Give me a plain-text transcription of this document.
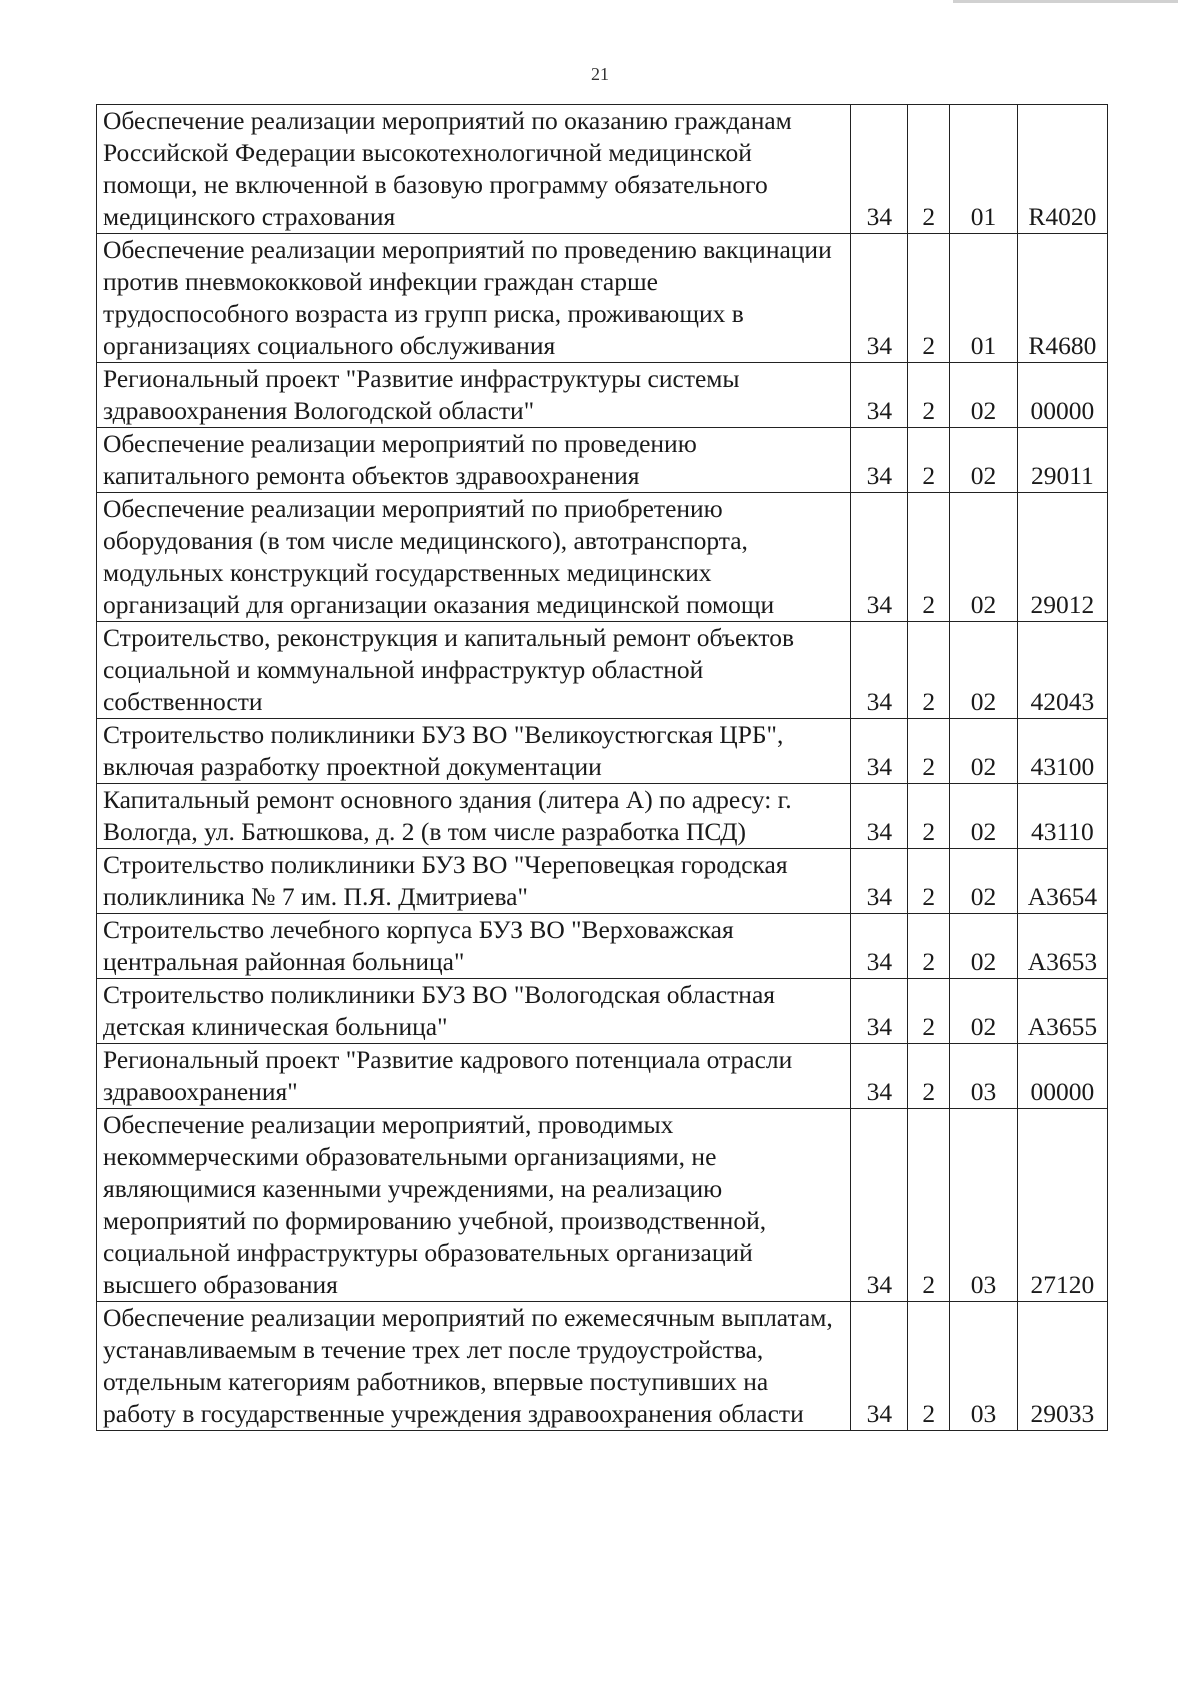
21
Обеспечение реализации мероприятий по оказанию гражданам Российской Федерации высокотехнологичной медицинской помощи, не включенной в базовую программу обязательного медицинского страхования	34	2	01	R4020
Обеспечение реализации мероприятий по проведению вакцинации против пневмококковой инфекции граждан старше трудоспособного возраста из групп риска, проживающих в организациях социального обслуживания	34	2	01	R4680
Региональный проект "Развитие инфраструктуры системы здравоохранения Вологодской области"	34	2	02	00000
Обеспечение реализации мероприятий по проведению капитального ремонта объектов здравоохранения	34	2	02	29011
Обеспечение реализации мероприятий по приобретению оборудования (в том числе медицинского), автотранспорта, модульных конструкций государственных медицинских организаций для организации оказания медицинской помощи	34	2	02	29012
Строительство, реконструкция и капитальный ремонт объектов социальной и коммунальной инфраструктур областной собственности	34	2	02	42043
Строительство поликлиники БУЗ ВО "Великоустюгская ЦРБ", включая разработку проектной документации	34	2	02	43100
Капитальный ремонт основного здания (литера А) по адресу: г. Вологда, ул. Батюшкова, д. 2 (в том числе разработка ПСД)	34	2	02	43110
Строительство поликлиники БУЗ ВО "Череповецкая городская поликлиника № 7 им. П.Я. Дмитриева"	34	2	02	А3654
Строительство лечебного корпуса БУЗ ВО "Верховажская центральная районная больница"	34	2	02	А3653
Строительство поликлиники БУЗ ВО "Вологодская областная детская клиническая больница"	34	2	02	А3655
Региональный проект "Развитие кадрового потенциала отрасли здравоохранения"	34	2	03	00000
Обеспечение реализации мероприятий, проводимых некоммерческими образовательными организациями, не являющимися казенными учреждениями, на реализацию мероприятий по формированию учебной, производственной, социальной инфраструктуры образовательных организаций высшего образования	34	2	03	27120
Обеспечение реализации мероприятий по ежемесячным выплатам, устанавливаемым в течение трех лет после трудоустройства, отдельным категориям работников, впервые поступивших на работу в государственные учреждения здравоохранения области	34	2	03	29033
